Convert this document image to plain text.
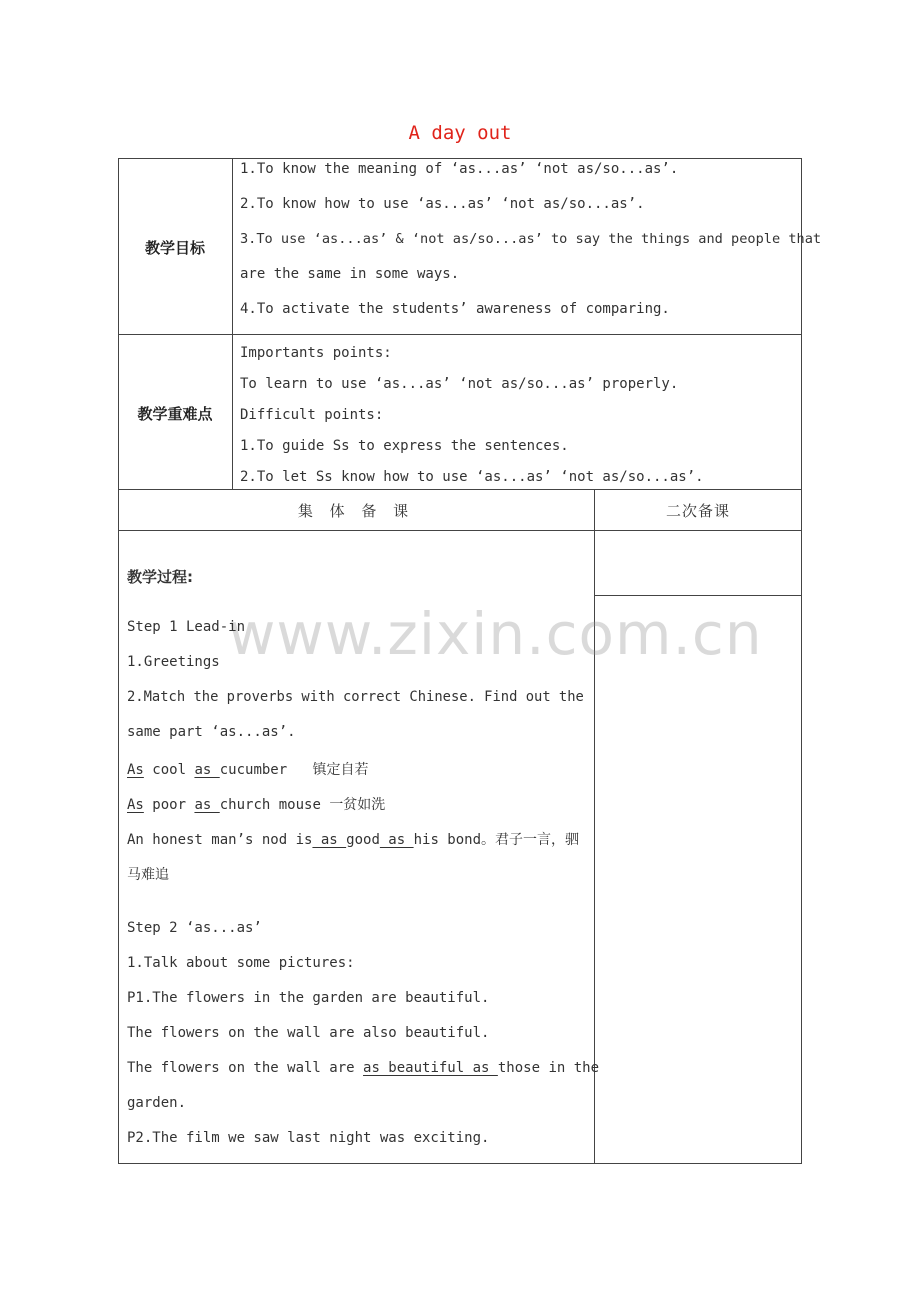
A day out
教学目标
1.To know the meaning of ‘as...as’ ‘not as/so...as’.
2.To know how to use ‘as...as’ ‘not as/so...as’.
3.To use ‘as...as’ & ‘not as/so...as’ to say the things and people that
are the same in some ways.
4.To activate the students’ awareness of comparing.
教学重难点
Importants points:
To learn to use ‘as...as’ ‘not as/so...as’ properly.
Difficult points:
1.To guide Ss to express the sentences.
2.To let Ss know how to use ‘as...as’ ‘not as/so...as’.
集 体 备 课	二次备课
www.zixin.com.cn
教学过程:
Step 1 Lead-in
1.Greetings
2.Match the proverbs with correct Chinese. Find out the
same part ‘as...as’.
As cool as cucumber 镇定自若
As poor as church mouse 一贫如洗
An honest man’s nod is as good as his bond。君子一言，驷
马难追
Step 2 ‘as...as’
1.Talk about some pictures:
P1.The flowers in the garden are beautiful.
The flowers on the wall are also beautiful.
The flowers on the wall are as beautiful as those in the
garden.
P2.The film we saw last night was exciting.
